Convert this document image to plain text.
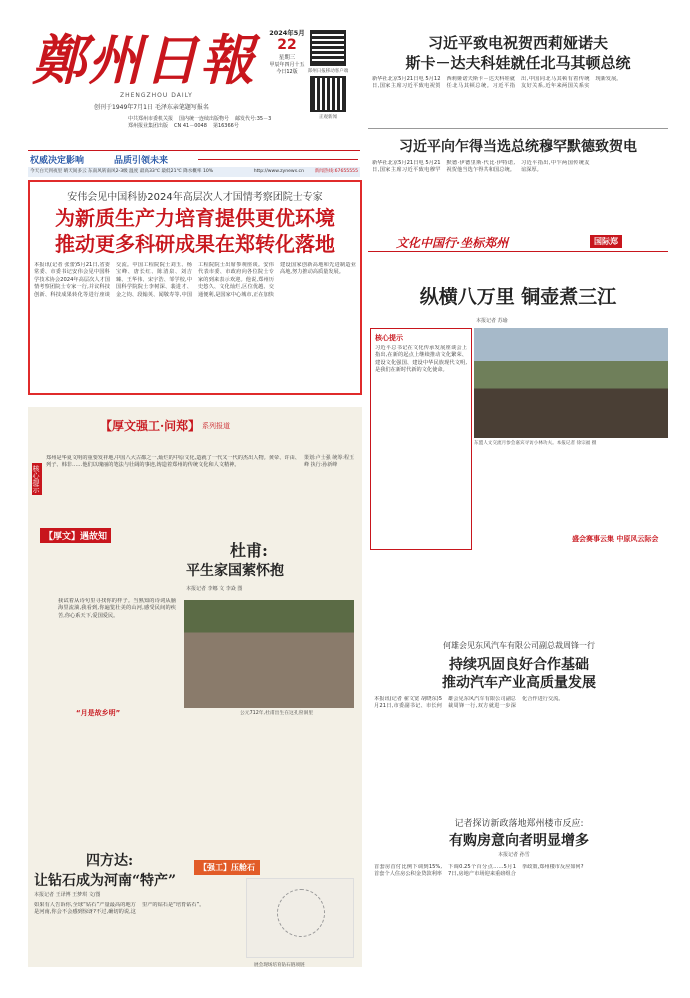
鄭州日報
ZHENGZHOU DAILY
创刊于1949年7月1日 毛泽东亲笔题写报名
中共郑州市委机关报 国内统一连续出版物号 邮发代号:35－3
郑州报业集团出版 CN 41－0048 第16366号
2024年5月
22
星期三
甲辰年四月十五
今日12版	郑州日报移动客户端
正观新闻
权威决定影响	品质引领未来
今天白天到夜里 晴天间多云 东南风转南风2-3级 温度 最高33℃ 最低21℃ 降水概率 10%	http://www.zynews.cn 新闻热线:67655555
安伟会见中国科协2024年高层次人才国情考察团院士专家
为新质生产力培育提供更优环境
推动更多科研成果在郑转化落地
本报讯(记者 张蕾)5月21日,省委常委、市委书记安伟会见中国科学技术协会2024年高层次人才国情考察团院士专家一行,并议科技创新、科技成果转化等进行座谈交流。中国工程院院士刘玉、杨宝峰、唐长红、陈清泉、刘吉臻、王华伟、宋宇浩、邹学校,中国科学院院士李树深、裴进才、金之钧、段翰英、闻敬寿等,中国工程院院士出席参观座谈。安伟代表市委、市政府向各位院士专家的到来表示欢迎。他说,郑州历史悠久、文化灿烂,区位优越、交通便利,是国家中心城市,正在加快建设国家创新高地和先进制造业高地,努力推动高质量发展。
习近平致电祝贺西莉娅诺夫
斯卡－达夫科娃就任北马其顿总统
新华社北京5月21日电 5月12日,国家主席习近平致电祝贺西莉娅诺夫斯卡－达夫科娃就任北马其顿总统。习近平指出,中国同北马其顿有着传统友好关系,近年来两国关系实现新发展。
习近平向乍得当选总统穆罕默德致贺电
新华社北京5月21日电 5月21日,国家主席习近平致电穆罕默德·伊德里斯·代比·伊特诺,祝贺他当选乍得共和国总统。习近平指出,中乍两国传统友谊深厚。
文化中国行·坐标郑州	国际郑
纵横八万里 铜壶煮三江
本报记者 苏瑜
核心提示
习近平总书记在文化传承发展座谈会上指出,在新的起点上继续推动文化繁荣、建设文化强国、建设中华民族现代文明,是我们在新时代新的文化使命。
东盟人文交流月参会嘉宾寻访小林功夫。本报记者 徐宗福 摄
盛会赛事云集 中原风云际会
【厚文强工·问郑】 系列报道
核心提示
郑州是华夏文明的重要发祥地,中国八大古都之一,灿烂的中原文化,造就了一代又一代的杰出人物。黄帝、许由、列子、韩非……他们以瑰丽的笔法与壮阔的事迹,铸造着郑州的传统文化和人文精神。
策划:卢士强 统筹:程玉峰 执行:孙新峰
【厚文】遇故知
杜甫:
平生家国萦怀抱
本报记者 李娜 文 李焱 图
我试着从诗句里寻找你的样子。当熟知的诗词从脑海里流淌,我看到,你遍览壮美的山河,感受民间的疾苦,你心系天下,爱国爱民。
“月是故乡明”	公元712年,杜甫出生在这孔窑洞里
四方达:
让钻石成为河南“特产”
【强工】压舱石
本报记者 王译博 王梦琪 文/图
如果有人告诉你,全球“钻石”产量最高的地方是河南,你会不会感到惊讶?不过,确切的说,这里产的钻石是“培育钻石”。
展会现场培育钻石链项链
何雄会见东风汽车有限公司副总裁周锋一行
持续巩固良好合作基础
推动汽车产业高质量发展
本报讯(记者 翟文宽 胡晓东)5月21日,市委副书记、市长何雄会见东风汽车有限公司副总裁周锋一行,双方就进一步深化合作进行交流。
记者探访新政落地郑州楼市反应:
有购房意向者明显增多
本报记者 孙雪
首套房首付比例下调到15%,首套个人住房公积金贷款利率下调0.25个百分点……5月17日,房地产市场迎来重磅组合拳政策,郑州楼市反应如何?
